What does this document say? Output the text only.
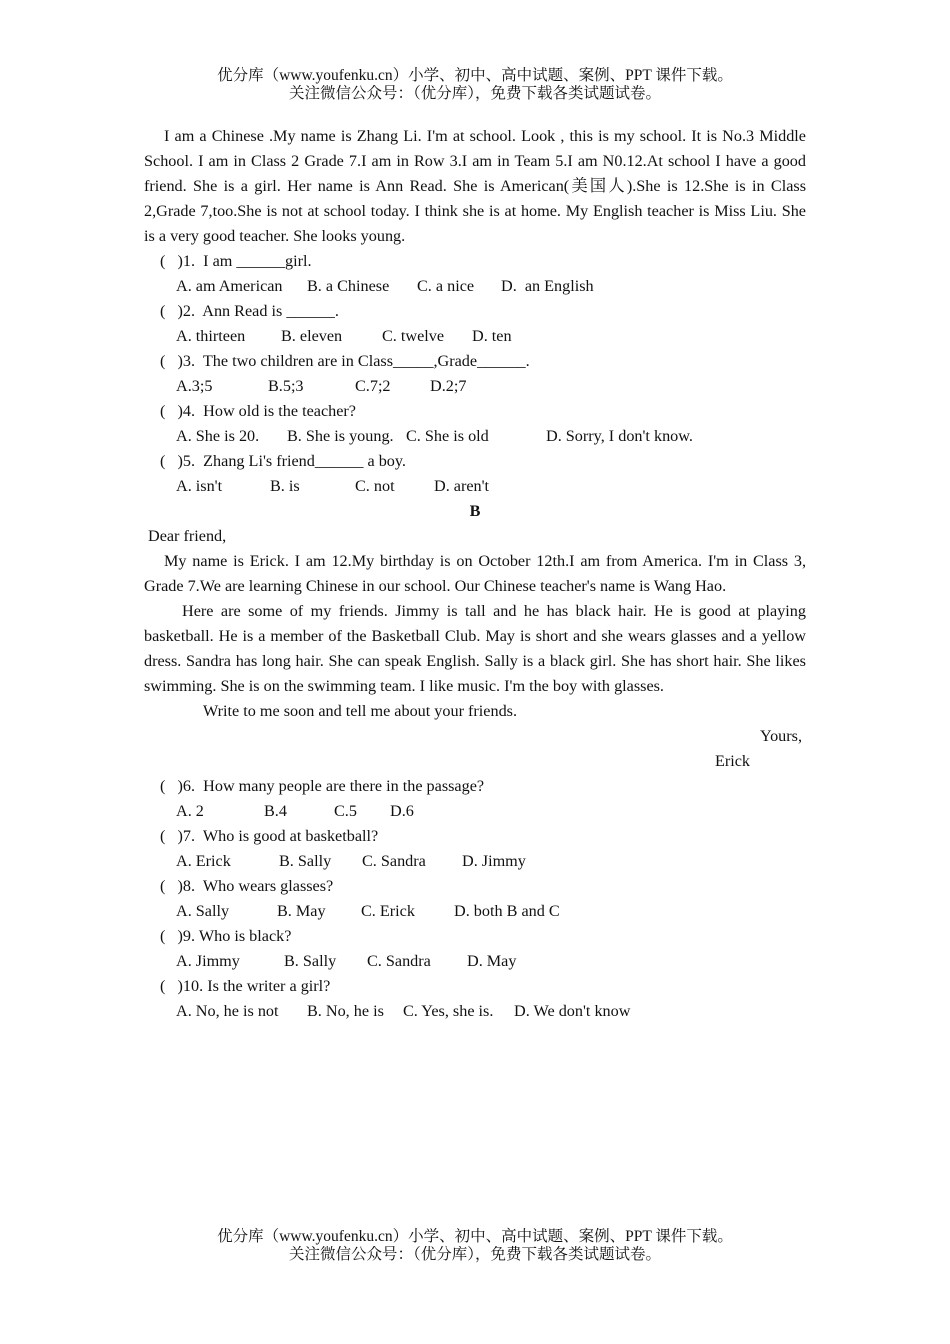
优分库（www.youfenku.cn）小学、初中、高中试题、案例、PPT 课件下载。
关注微信公众号：（优分库），免费下载各类试题试卷。

I am a Chinese .My name is Zhang Li. I'm at school. Look , this is my school. It is No.3 Middle School. I am in Class 2 Grade 7.I am in Row 3.I am in Team 5.I am N0.12.At school I have a good friend. She is a girl. Her name is Ann Read. She is American(美国人).She is 12.She is in Class 2,Grade 7,too.She is not at school today. I think she is at home. My English teacher is Miss Liu. She is a very good teacher. She looks young.

(   )1.  I am ______girl.
A. am American B. a Chinese C. a nice D.  an English
(   )2.  Ann Read is ______.
A. thirteen B. eleven C. twelve D. ten
(   )3.  The two children are in Class_____,Grade______.
A.3;5	B.5;3	C.7;2 D.2;7
(   )4.  How old is the teacher?
A. She is 20. B. She is young. C. She is old	D. Sorry, I don't know.
(   )5.  Zhang Li's friend______ a boy.
A. isn't	B. is	C. not D. aren't
B
Dear friend,

My name is Erick. I am 12.My birthday is on October 12th.I am from America. I'm in Class 3, Grade 7.We are learning Chinese in our school. Our Chinese teacher's name is Wang Hao.

Here are some of my friends. Jimmy is tall and he has black hair. He is good at playing basketball. He is a member of the Basketball Club. May is short and she wears glasses and a yellow dress. Sandra has long hair. She can speak English. Sally is a black girl. She has short hair. She likes swimming. She is on the swimming team. I like music. I'm the boy with glasses.

Write to me soon and tell me about your friends.
Yours,
Erick
(   )6.  How many people are there in the passage?
A. 2	B.4	C.5 D.6
(   )7.  Who is good at basketball?
A. Erick	B. Sally C. Sandra D. Jimmy
(   )8.  Who wears glasses?
A. Sally	B. May C. Erick D. both B and C
(   )9. Who is black?
A. Jimmy	B. Sally C. Sandra D. May
(   )10. Is the writer a girl?
A. No, he is not B. No, he is C. Yes, she is. D. We don't know
优分库（www.youfenku.cn）小学、初中、高中试题、案例、PPT 课件下载。
关注微信公众号：（优分库），免费下载各类试题试卷。
